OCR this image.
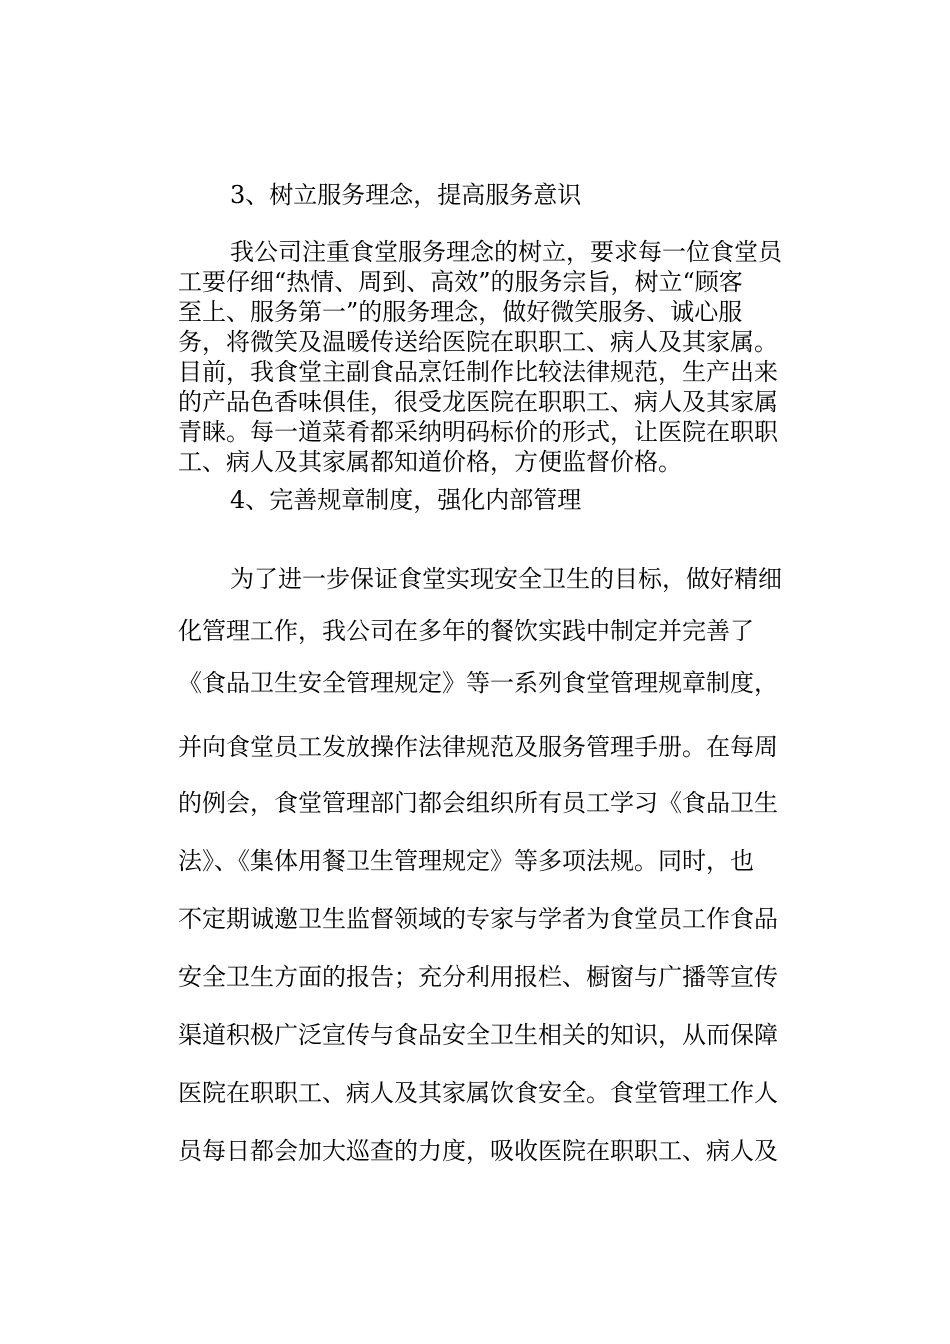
3、树立服务理念，提高服务意识
我公司注重食堂服务理念的树立，要求每一位食堂员
工要仔细“热情、周到、高效”的服务宗旨，树立“顾客
至上、服务第一”的服务理念，做好微笑服务、诚心服
务，将微笑及温暖传送给医院在职职工、病人及其家属。
目前，我食堂主副食品烹饪制作比较法律规范，生产出来
的产品色香味俱佳，很受龙医院在职职工、病人及其家属
青睐。每一道菜肴都采纳明码标价的形式，让医院在职职
工、病人及其家属都知道价格，方便监督价格。
4、完善规章制度，强化内部管理
为了进一步保证食堂实现安全卫生的目标，做好精细
化管理工作，我公司在多年的餐饮实践中制定并完善了
《食品卫生安全管理规定》等一系列食堂管理规章制度，
并向食堂员工发放操作法律规范及服务管理手册。在每周
的例会，食堂管理部门都会组织所有员工学习《食品卫生
法》、《集体用餐卫生管理规定》等多项法规。同时，也
不定期诚邀卫生监督领域的专家与学者为食堂员工作食品
安全卫生方面的报告；充分利用报栏、橱窗与广播等宣传
渠道积极广泛宣传与食品安全卫生相关的知识，从而保障
医院在职职工、病人及其家属饮食安全。食堂管理工作人
员每日都会加大巡查的力度，吸收医院在职职工、病人及
